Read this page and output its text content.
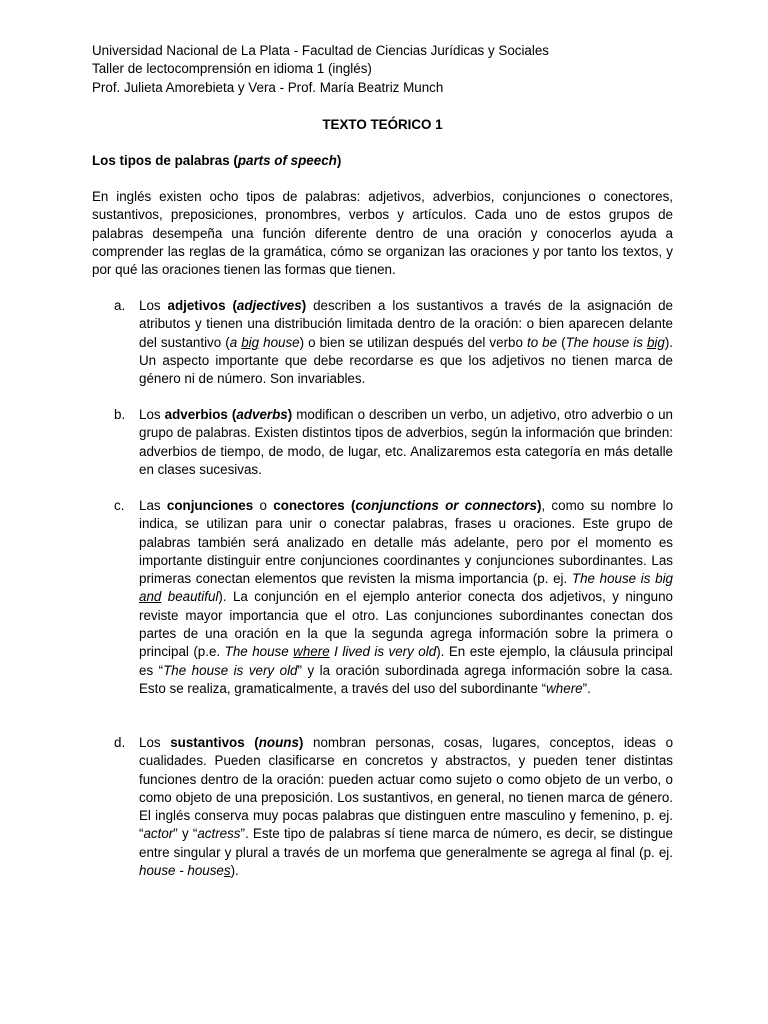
Universidad Nacional de La Plata - Facultad de Ciencias Jurídicas y Sociales
Taller de lectocomprensión en idioma 1 (inglés)
Prof. Julieta Amorebieta y Vera - Prof. María Beatriz Munch
TEXTO TEÓRICO 1
Los tipos de palabras (parts of speech)
En inglés existen ocho tipos de palabras: adjetivos, adverbios, conjunciones o conectores, sustantivos, preposiciones, pronombres, verbos y artículos. Cada uno de estos grupos de palabras desempeña una función diferente dentro de una oración y conocerlos ayuda a comprender las reglas de la gramática, cómo se organizan las oraciones y por tanto los textos, y por qué las oraciones tienen las formas que tienen.
a.	Los adjetivos (adjectives) describen a los sustantivos a través de la asignación de atributos y tienen una distribución limitada dentro de la oración: o bien aparecen delante del sustantivo (a big house) o bien se utilizan después del verbo to be (The house is big). Un aspecto importante que debe recordarse es que los adjetivos no tienen marca de género ni de número. Son invariables.
b.	Los adverbios (adverbs) modifican o describen un verbo, un adjetivo, otro adverbio o un grupo de palabras. Existen distintos tipos de adverbios, según la información que brinden: adverbios de tiempo, de modo, de lugar, etc. Analizaremos esta categoría en más detalle en clases sucesivas.
c.	Las conjunciones o conectores (conjunctions or connectors), como su nombre lo indica, se utilizan para unir o conectar palabras, frases u oraciones. Este grupo de palabras también será analizado en detalle más adelante, pero por el momento es importante distinguir entre conjunciones coordinantes y conjunciones subordinantes. Las primeras conectan elementos que revisten la misma importancia (p. ej. The house is big and beautiful). La conjunción en el ejemplo anterior conecta dos adjetivos, y ninguno reviste mayor importancia que el otro. Las conjunciones subordinantes conectan dos partes de una oración en la que la segunda agrega información sobre la primera o principal (p.e. The house where I lived is very old). En este ejemplo, la cláusula principal es “The house is very old” y la oración subordinada agrega información sobre la casa. Esto se realiza, gramaticalmente, a través del uso del subordinante “where”.
d.	Los sustantivos (nouns) nombran personas, cosas, lugares, conceptos, ideas o cualidades. Pueden clasificarse en concretos y abstractos, y pueden tener distintas funciones dentro de la oración: pueden actuar como sujeto o como objeto de un verbo, o como objeto de una preposición. Los sustantivos, en general, no tienen marca de género. El inglés conserva muy pocas palabras que distinguen entre masculino y femenino, p. ej. “actor” y “actress”. Este tipo de palabras sí tiene marca de número, es decir, se distingue entre singular y plural a través de un morfema que generalmente se agrega al final (p. ej. house - houses).
